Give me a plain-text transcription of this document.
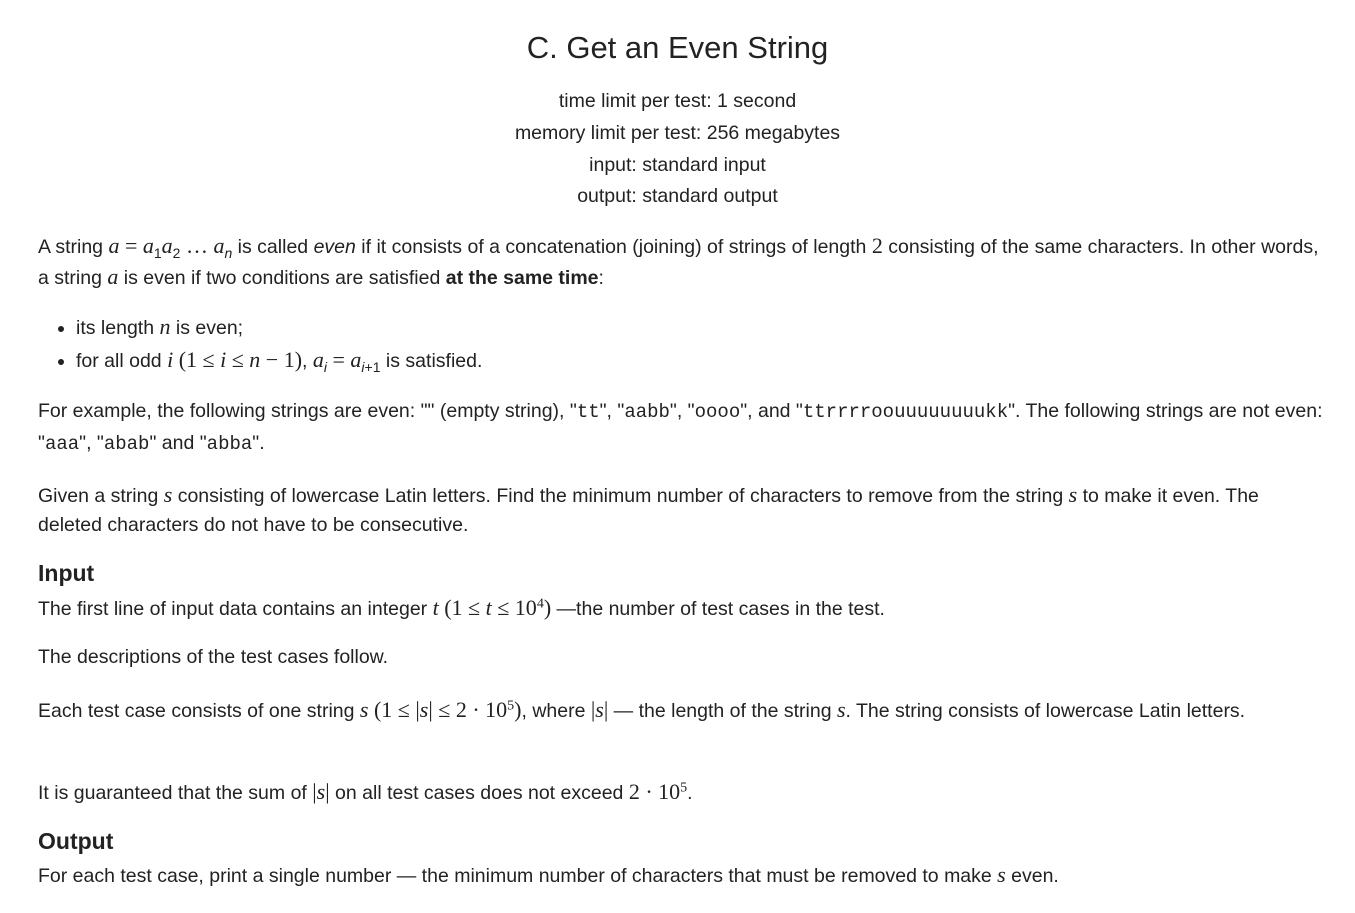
C. Get an Even String
time limit per test: 1 second
memory limit per test: 256 megabytes
input: standard input
output: standard output
A string $a = a_1a_2$ … $a_n$ is called even if it consists of a concatenation (joining) of strings of length 2 consisting of the same characters. In other words, a string a is even if two conditions are satisfied at the same time:
• its length n is even;
• for all odd i (1 ≤ i ≤ n − 1), $a_i = a_{i+1}$ is satisfied.
For example, the following strings are even: "" (empty string), "tt", "aabb", "oooo", and "ttrrrroouuuuuuuukk". The following strings are not even: "aaa", "abab" and "abba".
Given a string s consisting of lowercase Latin letters. Find the minimum number of characters to remove from the string s to make it even. The deleted characters do not have to be consecutive.
Input
The first line of input data contains an integer t $(1 \le t \le 10^4)$ —the number of test cases in the test.
The descriptions of the test cases follow.
Each test case consists of one string s $(1 \le |s| \le 2 \cdot 10^5)$, where |s| — the length of the string s. The string consists of lowercase Latin letters.
It is guaranteed that the sum of |s| on all test cases does not exceed $2 \cdot 10^5$.
Output
For each test case, print a single number — the minimum number of characters that must be removed to make s even.
